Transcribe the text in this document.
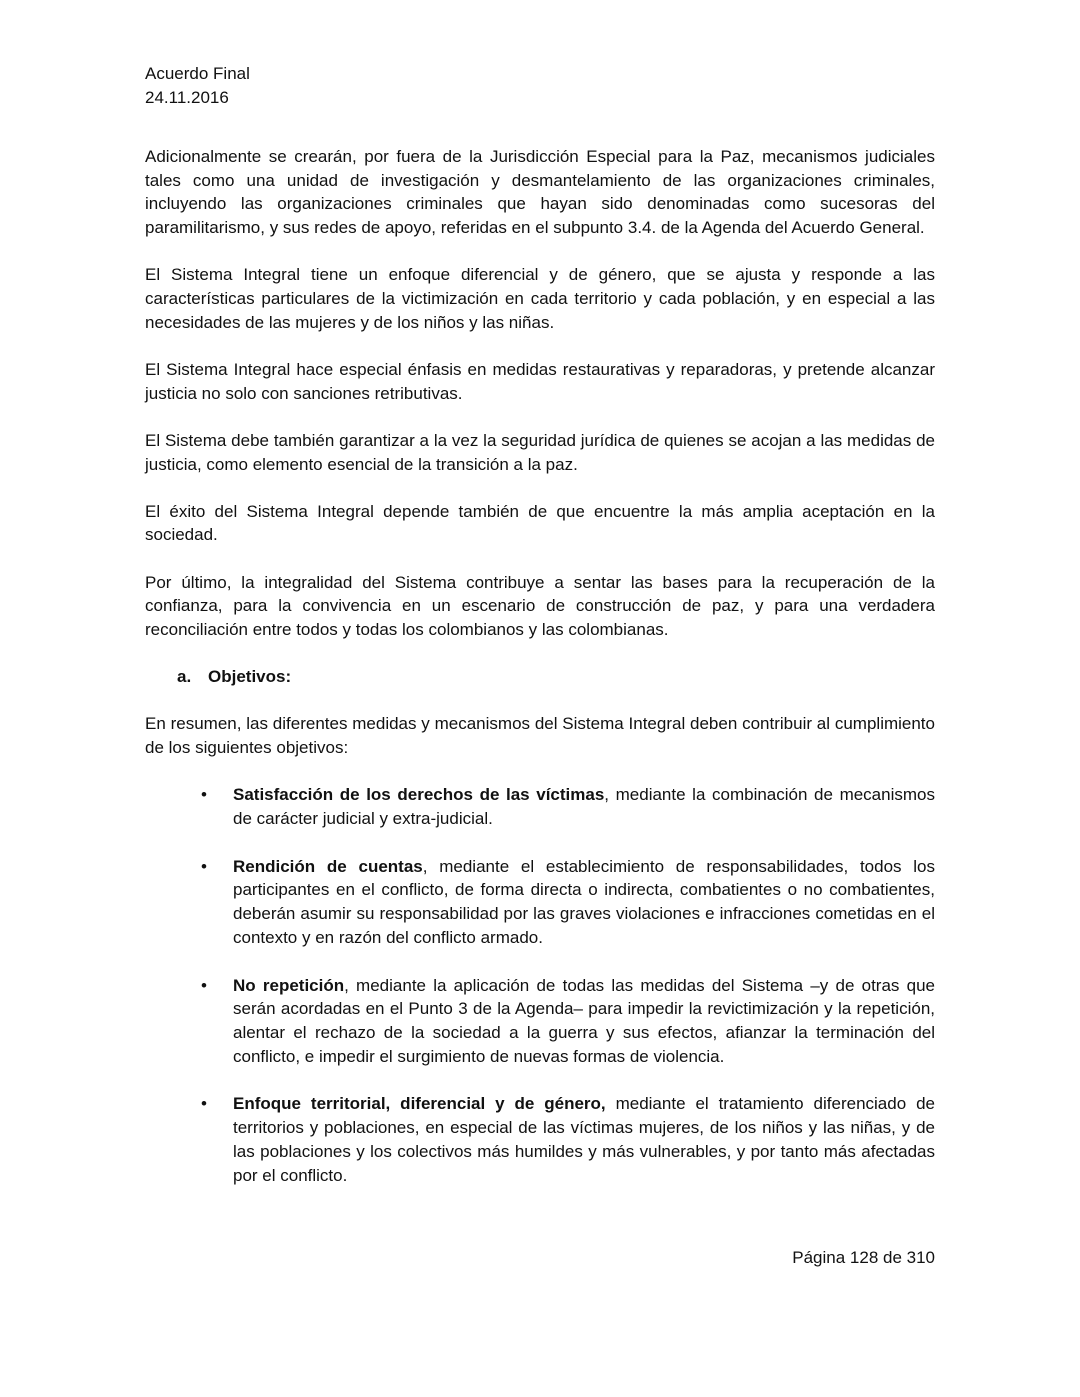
Acuerdo Final
24.11.2016

Adicionalmente se crearán, por fuera de la Jurisdicción Especial para la Paz, mecanismos judiciales tales como una unidad de investigación y desmantelamiento de las organizaciones criminales, incluyendo las organizaciones criminales que hayan sido denominadas como sucesoras del paramilitarismo, y sus redes de apoyo, referidas en el subpunto 3.4. de la Agenda del Acuerdo General.

El Sistema Integral tiene un enfoque diferencial y de género, que se ajusta y responde a las características particulares de la victimización en cada territorio y cada población, y en especial a las necesidades de las mujeres y de los niños y las niñas.

El Sistema Integral hace especial énfasis en medidas restaurativas y reparadoras, y pretende alcanzar justicia no solo con sanciones retributivas.

El Sistema debe también garantizar a la vez la seguridad jurídica de quienes se acojan a las medidas de justicia, como elemento esencial de la transición a la paz.

El éxito del Sistema Integral depende también de que encuentre la más amplia aceptación en la sociedad.

Por último, la integralidad del Sistema contribuye a sentar las bases para la recuperación de la confianza, para la convivencia en un escenario de construcción de paz, y para una verdadera reconciliación entre todos y todas los colombianos y las colombianas.

a. Objetivos:

En resumen, las diferentes medidas y mecanismos del Sistema Integral deben contribuir al cumplimiento de los siguientes objetivos:

• Satisfacción de los derechos de las víctimas, mediante la combinación de mecanismos de carácter judicial y extra-judicial.
• Rendición de cuentas, mediante el establecimiento de responsabilidades, todos los participantes en el conflicto, de forma directa o indirecta, combatientes o no combatientes, deberán asumir su responsabilidad por las graves violaciones e infracciones cometidas en el contexto y en razón del conflicto armado.
• No repetición, mediante la aplicación de todas las medidas del Sistema –y de otras que serán acordadas en el Punto 3 de la Agenda– para impedir la revictimización y la repetición, alentar el rechazo de la sociedad a la guerra y sus efectos, afianzar la terminación del conflicto, e impedir el surgimiento de nuevas formas de violencia.
• Enfoque territorial, diferencial y de género, mediante el tratamiento diferenciado de territorios y poblaciones, en especial de las víctimas mujeres, de los niños y las niñas, y de las poblaciones y los colectivos más humildes y más vulnerables, y por tanto más afectadas por el conflicto.
Página 128 de 310
